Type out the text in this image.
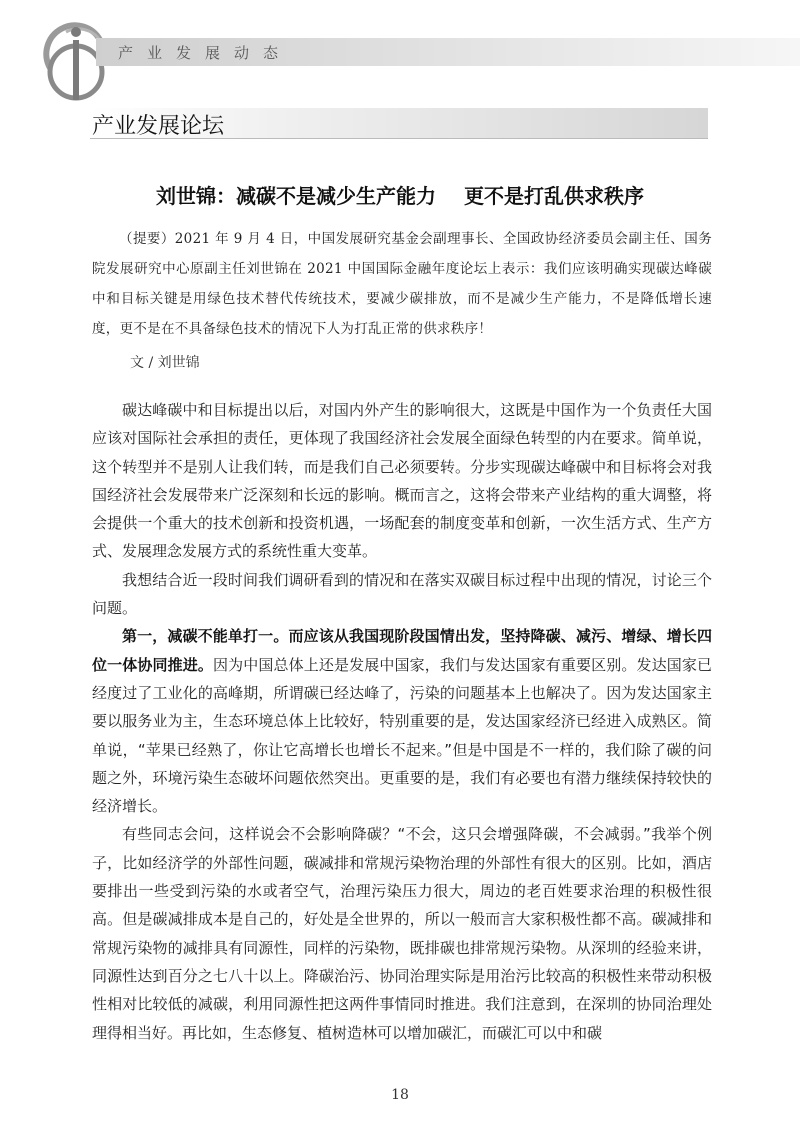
产业发展动态
产业发展论坛
刘世锦：减碳不是减少生产能力 更不是打乱供求秩序
（提要）2021 年 9 月 4 日，中国发展研究基金会副理事长、全国政协经济委员会副主任、国务院发展研究中心原副主任刘世锦在 2021 中国国际金融年度论坛上表示：我们应该明确实现碳达峰碳中和目标关键是用绿色技术替代传统技术，要减少碳排放，而不是减少生产能力，不是降低增长速度，更不是在不具备绿色技术的情况下人为打乱正常的供求秩序！
文 / 刘世锦

碳达峰碳中和目标提出以后，对国内外产生的影响很大，这既是中国作为一个负责任大国应该对国际社会承担的责任，更体现了我国经济社会发展全面绿色转型的内在要求。简单说，这个转型并不是别人让我们转，而是我们自己必须要转。分步实现碳达峰碳中和目标将会对我国经济社会发展带来广泛深刻和长远的影响。概而言之，这将会带来产业结构的重大调整，将会提供一个重大的技术创新和投资机遇，一场配套的制度变革和创新，一次生活方式、生产方式、发展理念发展方式的系统性重大变革。

我想结合近一段时间我们调研看到的情况和在落实双碳目标过程中出现的情况，讨论三个问题。

第一，减碳不能单打一。而应该从我国现阶段国情出发，坚持降碳、减污、增绿、增长四位一体协同推进。因为中国总体上还是发展中国家，我们与发达国家有重要区别。发达国家已经度过了工业化的高峰期，所谓碳已经达峰了，污染的问题基本上也解决了。因为发达国家主要以服务业为主，生态环境总体上比较好，特别重要的是，发达国家经济已经进入成熟区。简单说，“苹果已经熟了，你让它高增长也增长不起来。”但是中国是不一样的，我们除了碳的问题之外，环境污染生态破坏问题依然突出。更重要的是，我们有必要也有潜力继续保持较快的经济增长。

有些同志会问，这样说会不会影响降碳？“不会，这只会增强降碳，不会减弱。”我举个例子，比如经济学的外部性问题，碳减排和常规污染物治理的外部性有很大的区别。比如，酒店要排出一些受到污染的水或者空气，治理污染压力很大，周边的老百姓要求治理的积极性很高。但是碳减排成本是自己的，好处是全世界的，所以一般而言大家积极性都不高。碳减排和常规污染物的减排具有同源性，同样的污染物，既排碳也排常规污染物。从深圳的经验来讲，同源性达到百分之七八十以上。降碳治污、协同治理实际是用治污比较高的积极性来带动积极性相对比较低的减碳，利用同源性把这两件事情同时推进。我们注意到，在深圳的协同治理处理得相当好。再比如，生态修复、植树造林可以增加碳汇，而碳汇可以中和碳

18
